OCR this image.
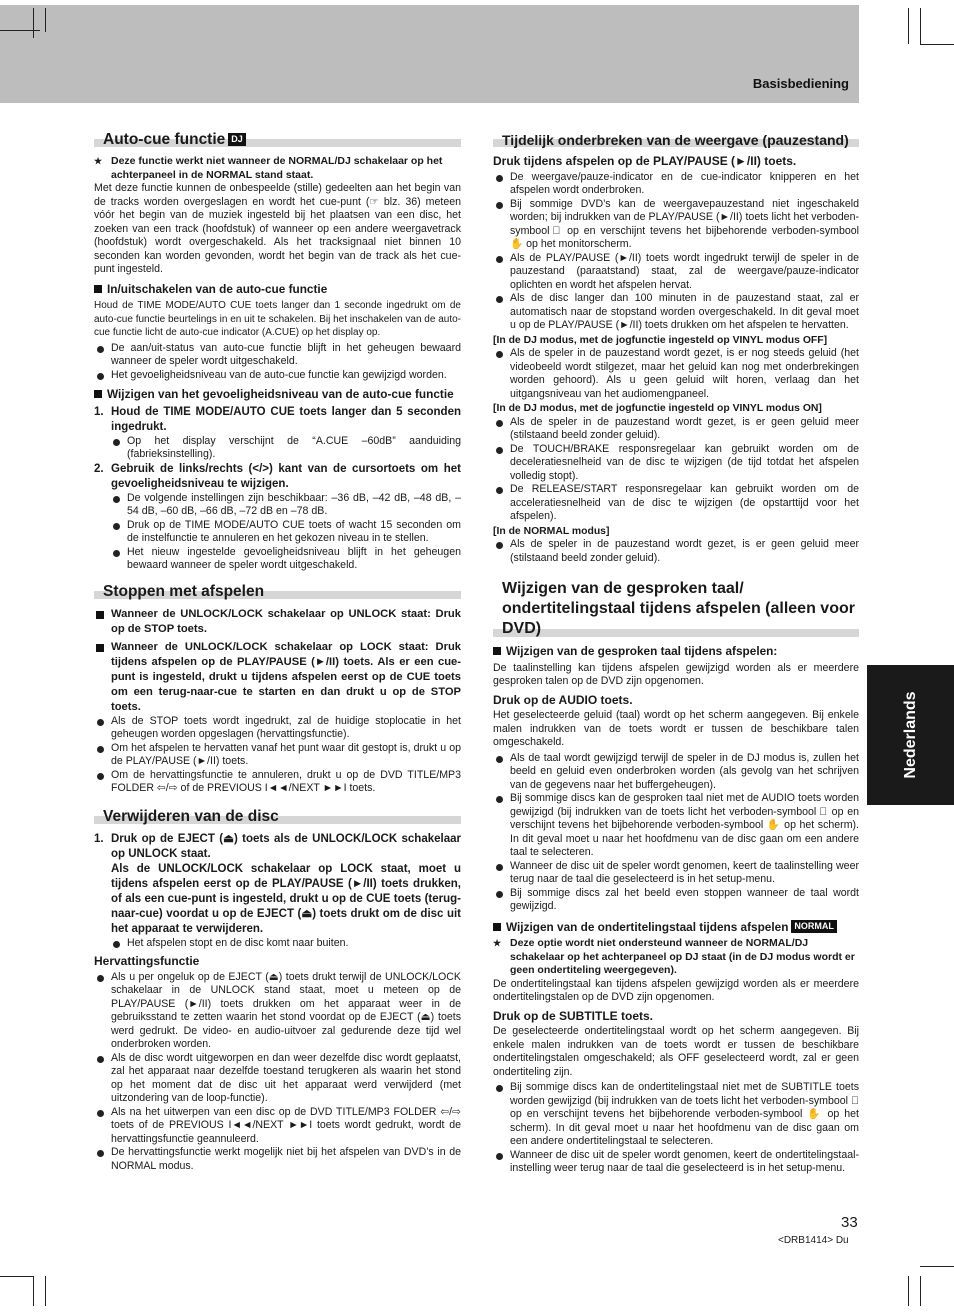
Basisbediening
Nederlands
Auto-cue functie DJ
★ Deze functie werkt niet wanneer de NORMAL/DJ schakelaar op het achterpaneel in de NORMAL stand staat.
Met deze functie kunnen de onbespeelde (stille) gedeelten aan het begin van de tracks worden overgeslagen en wordt het cue-punt (☞ blz. 36) meteen vóór het begin van de muziek ingesteld bij het plaatsen van een disc, het zoeken van een track (hoofdstuk) of wanneer op een andere weergavetrack (hoofdstuk) wordt overgeschakeld. Als het tracksignaal niet binnen 10 seconden kan worden gevonden, wordt het begin van de track als het cue-punt ingesteld.
In/uitschakelen van de auto-cue functie
Houd de TIME MODE/AUTO CUE toets langer dan 1 seconde ingedrukt om de auto-cue functie beurtelings in en uit te schakelen. Bij het inschakelen van de auto-cue functie licht de auto-cue indicator (A.CUE) op het display op.
De aan/uit-status van auto-cue functie blijft in het geheugen bewaard wanneer de speler wordt uitgeschakeld.
Het gevoeligheidsniveau van de auto-cue functie kan gewijzigd worden.
Wijzigen van het gevoeligheidsniveau van de auto-cue functie
1. Houd de TIME MODE/AUTO CUE toets langer dan 5 seconden ingedrukt.
Op het display verschijnt de “A.CUE –60dB” aanduiding (fabrieksinstelling).
2. Gebruik de links/rechts (</>) kant van de cursortoets om het gevoeligheidsniveau te wijzigen.
De volgende instellingen zijn beschikbaar: –36 dB, –42 dB, –48 dB, –54 dB, –60 dB, –66 dB, –72 dB en –78 dB.
Druk op de TIME MODE/AUTO CUE toets of wacht 15 seconden om de instelfunctie te annuleren en het gekozen niveau in te stellen.
Het nieuw ingestelde gevoeligheidsniveau blijft in het geheugen bewaard wanneer de speler wordt uitgeschakeld.
Stoppen met afspelen
Wanneer de UNLOCK/LOCK schakelaar op UNLOCK staat: Druk op de STOP toets.
Wanneer de UNLOCK/LOCK schakelaar op LOCK staat: Druk tijdens afspelen op de PLAY/PAUSE (►/II) toets. Als er een cue-punt is ingesteld, drukt u tijdens afspelen eerst op de CUE toets om een terug-naar-cue te starten en dan drukt u op de STOP toets.
Als de STOP toets wordt ingedrukt, zal de huidige stoplocatie in het geheugen worden opgeslagen (hervattingsfunctie).
Om het afspelen te hervatten vanaf het punt waar dit gestopt is, drukt u op de PLAY/PAUSE (►/II) toets.
Om de hervattingsfunctie te annuleren, drukt u op de DVD TITLE/MP3 FOLDER ⇦/⇨ of de PREVIOUS I◄◄/NEXT ►►I toets.
Verwijderen van de disc
1. Druk op de EJECT (⏏) toets als de UNLOCK/LOCK schakelaar op UNLOCK staat.
Als de UNLOCK/LOCK schakelaar op LOCK staat, moet u tijdens afspelen eerst op de PLAY/PAUSE (►/II) toets drukken, of als een cue-punt is ingesteld, drukt u op de CUE toets (terug-naar-cue) voordat u op de EJECT (⏏) toets drukt om de disc uit het apparaat te verwijderen.
Het afspelen stopt en de disc komt naar buiten.
Hervattingsfunctie
Als u per ongeluk op de EJECT (⏏) toets drukt terwijl de UNLOCK/LOCK schakelaar in de UNLOCK stand staat, moet u meteen op de PLAY/PAUSE (►/II) toets drukken om het apparaat weer in de gebruiksstand te zetten waarin het stond voordat op de EJECT (⏏) toets werd gedrukt. De video- en audio-uitvoer zal gedurende deze tijd wel onderbroken worden.
Als de disc wordt uitgeworpen en dan weer dezelfde disc wordt geplaatst, zal het apparaat naar dezelfde toestand terugkeren als waarin het stond op het moment dat de disc uit het apparaat werd verwijderd (met uitzondering van de loop-functie).
Als na het uitwerpen van een disc op de DVD TITLE/MP3 FOLDER ⇦/⇨ toets of de PREVIOUS I◄◄/NEXT ►►I toets wordt gedrukt, wordt de hervattingsfunctie geannuleerd.
De hervattingsfunctie werkt mogelijk niet bij het afspelen van DVD’s in de NORMAL modus.
Tijdelijk onderbreken van de weergave (pauzestand)
Druk tijdens afspelen op de PLAY/PAUSE (►/II) toets.
De weergave/pauze-indicator en de cue-indicator knipperen en het afspelen wordt onderbroken.
Bij sommige DVD’s kan de weergavepauzestand niet ingeschakeld worden; bij indrukken van de PLAY/PAUSE (►/II) toets licht het verboden-symbool ⃠ op en verschijnt tevens het bijbehorende verboden-symbool ✋ op het monitorscherm.
Als de PLAY/PAUSE (►/II) toets wordt ingedrukt terwijl de speler in de pauzestand (paraatstand) staat, zal de weergave/pauze-indicator oplichten en wordt het afspelen hervat.
Als de disc langer dan 100 minuten in de pauzestand staat, zal er automatisch naar de stopstand worden overgeschakeld. In dit geval moet u op de PLAY/PAUSE (►/II) toets drukken om het afspelen te hervatten.
[In de DJ modus, met de jogfunctie ingesteld op VINYL modus OFF]
Als de speler in de pauzestand wordt gezet, is er nog steeds geluid (het videobeeld wordt stilgezet, maar het geluid kan nog met onderbrekingen worden gehoord). Als u geen geluid wilt horen, verlaag dan het uitgangsniveau van het audiomengpaneel.
[In de DJ modus, met de jogfunctie ingesteld op VINYL modus ON]
Als de speler in de pauzestand wordt gezet, is er geen geluid meer (stilstaand beeld zonder geluid).
De TOUCH/BRAKE responsregelaar kan gebruikt worden om de deceleratiesnelheid van de disc te wijzigen (de tijd totdat het afspelen volledig stopt).
De RELEASE/START responsregelaar kan gebruikt worden om de acceleratiesnelheid van de disc te wijzigen (de opstarttijd voor het afspelen).
[In de NORMAL modus]
Als de speler in de pauzestand wordt gezet, is er geen geluid meer (stilstaand beeld zonder geluid).
Wijzigen van de gesproken taal/ ondertitelingstaal tijdens afspelen (alleen voor DVD)
Wijzigen van de gesproken taal tijdens afspelen:
De taalinstelling kan tijdens afspelen gewijzigd worden als er meerdere gesproken talen op de DVD zijn opgenomen.
Druk op de AUDIO toets.
Het geselecteerde geluid (taal) wordt op het scherm aangegeven. Bij enkele malen indrukken van de toets wordt er tussen de beschikbare talen omgeschakeld.
Als de taal wordt gewijzigd terwijl de speler in de DJ modus is, zullen het beeld en geluid even onderbroken worden (als gevolg van het schrijven van de gegevens naar het buffergeheugen).
Bij sommige discs kan de gesproken taal niet met de AUDIO toets worden gewijzigd (bij indrukken van de toets licht het verboden-symbool ⃠ op en verschijnt tevens het bijbehorende verboden-symbool ✋ op het scherm). In dit geval moet u naar het hoofdmenu van de disc gaan om een andere taal te selecteren.
Wanneer de disc uit de speler wordt genomen, keert de taalinstelling weer terug naar de taal die geselecteerd is in het setup-menu.
Bij sommige discs zal het beeld even stoppen wanneer de taal wordt gewijzigd.
Wijzigen van de ondertitelingstaal tijdens afspelen NORMAL
★ Deze optie wordt niet ondersteund wanneer de NORMAL/DJ schakelaar op het achterpaneel op DJ staat (in de DJ modus wordt er geen ondertiteling weergegeven).
De ondertitelingstaal kan tijdens afspelen gewijzigd worden als er meerdere ondertitelingstalen op de DVD zijn opgenomen.
Druk op de SUBTITLE toets.
De geselecteerde ondertitelingstaal wordt op het scherm aangegeven. Bij enkele malen indrukken van de toets wordt er tussen de beschikbare ondertitelingstalen omgeschakeld; als OFF geselecteerd wordt, zal er geen ondertiteling zijn.
Bij sommige discs kan de ondertitelingstaal niet met de SUBTITLE toets worden gewijzigd (bij indrukken van de toets licht het verboden-symbool ⃠ op en verschijnt tevens het bijbehorende verboden-symbool ✋ op het scherm). In dit geval moet u naar het hoofdmenu van de disc gaan om een andere ondertitelingstaal te selecteren.
Wanneer de disc uit de speler wordt genomen, keert de ondertitelingstaal-instelling weer terug naar de taal die geselecteerd is in het setup-menu.
33
<DRB1414> Du
